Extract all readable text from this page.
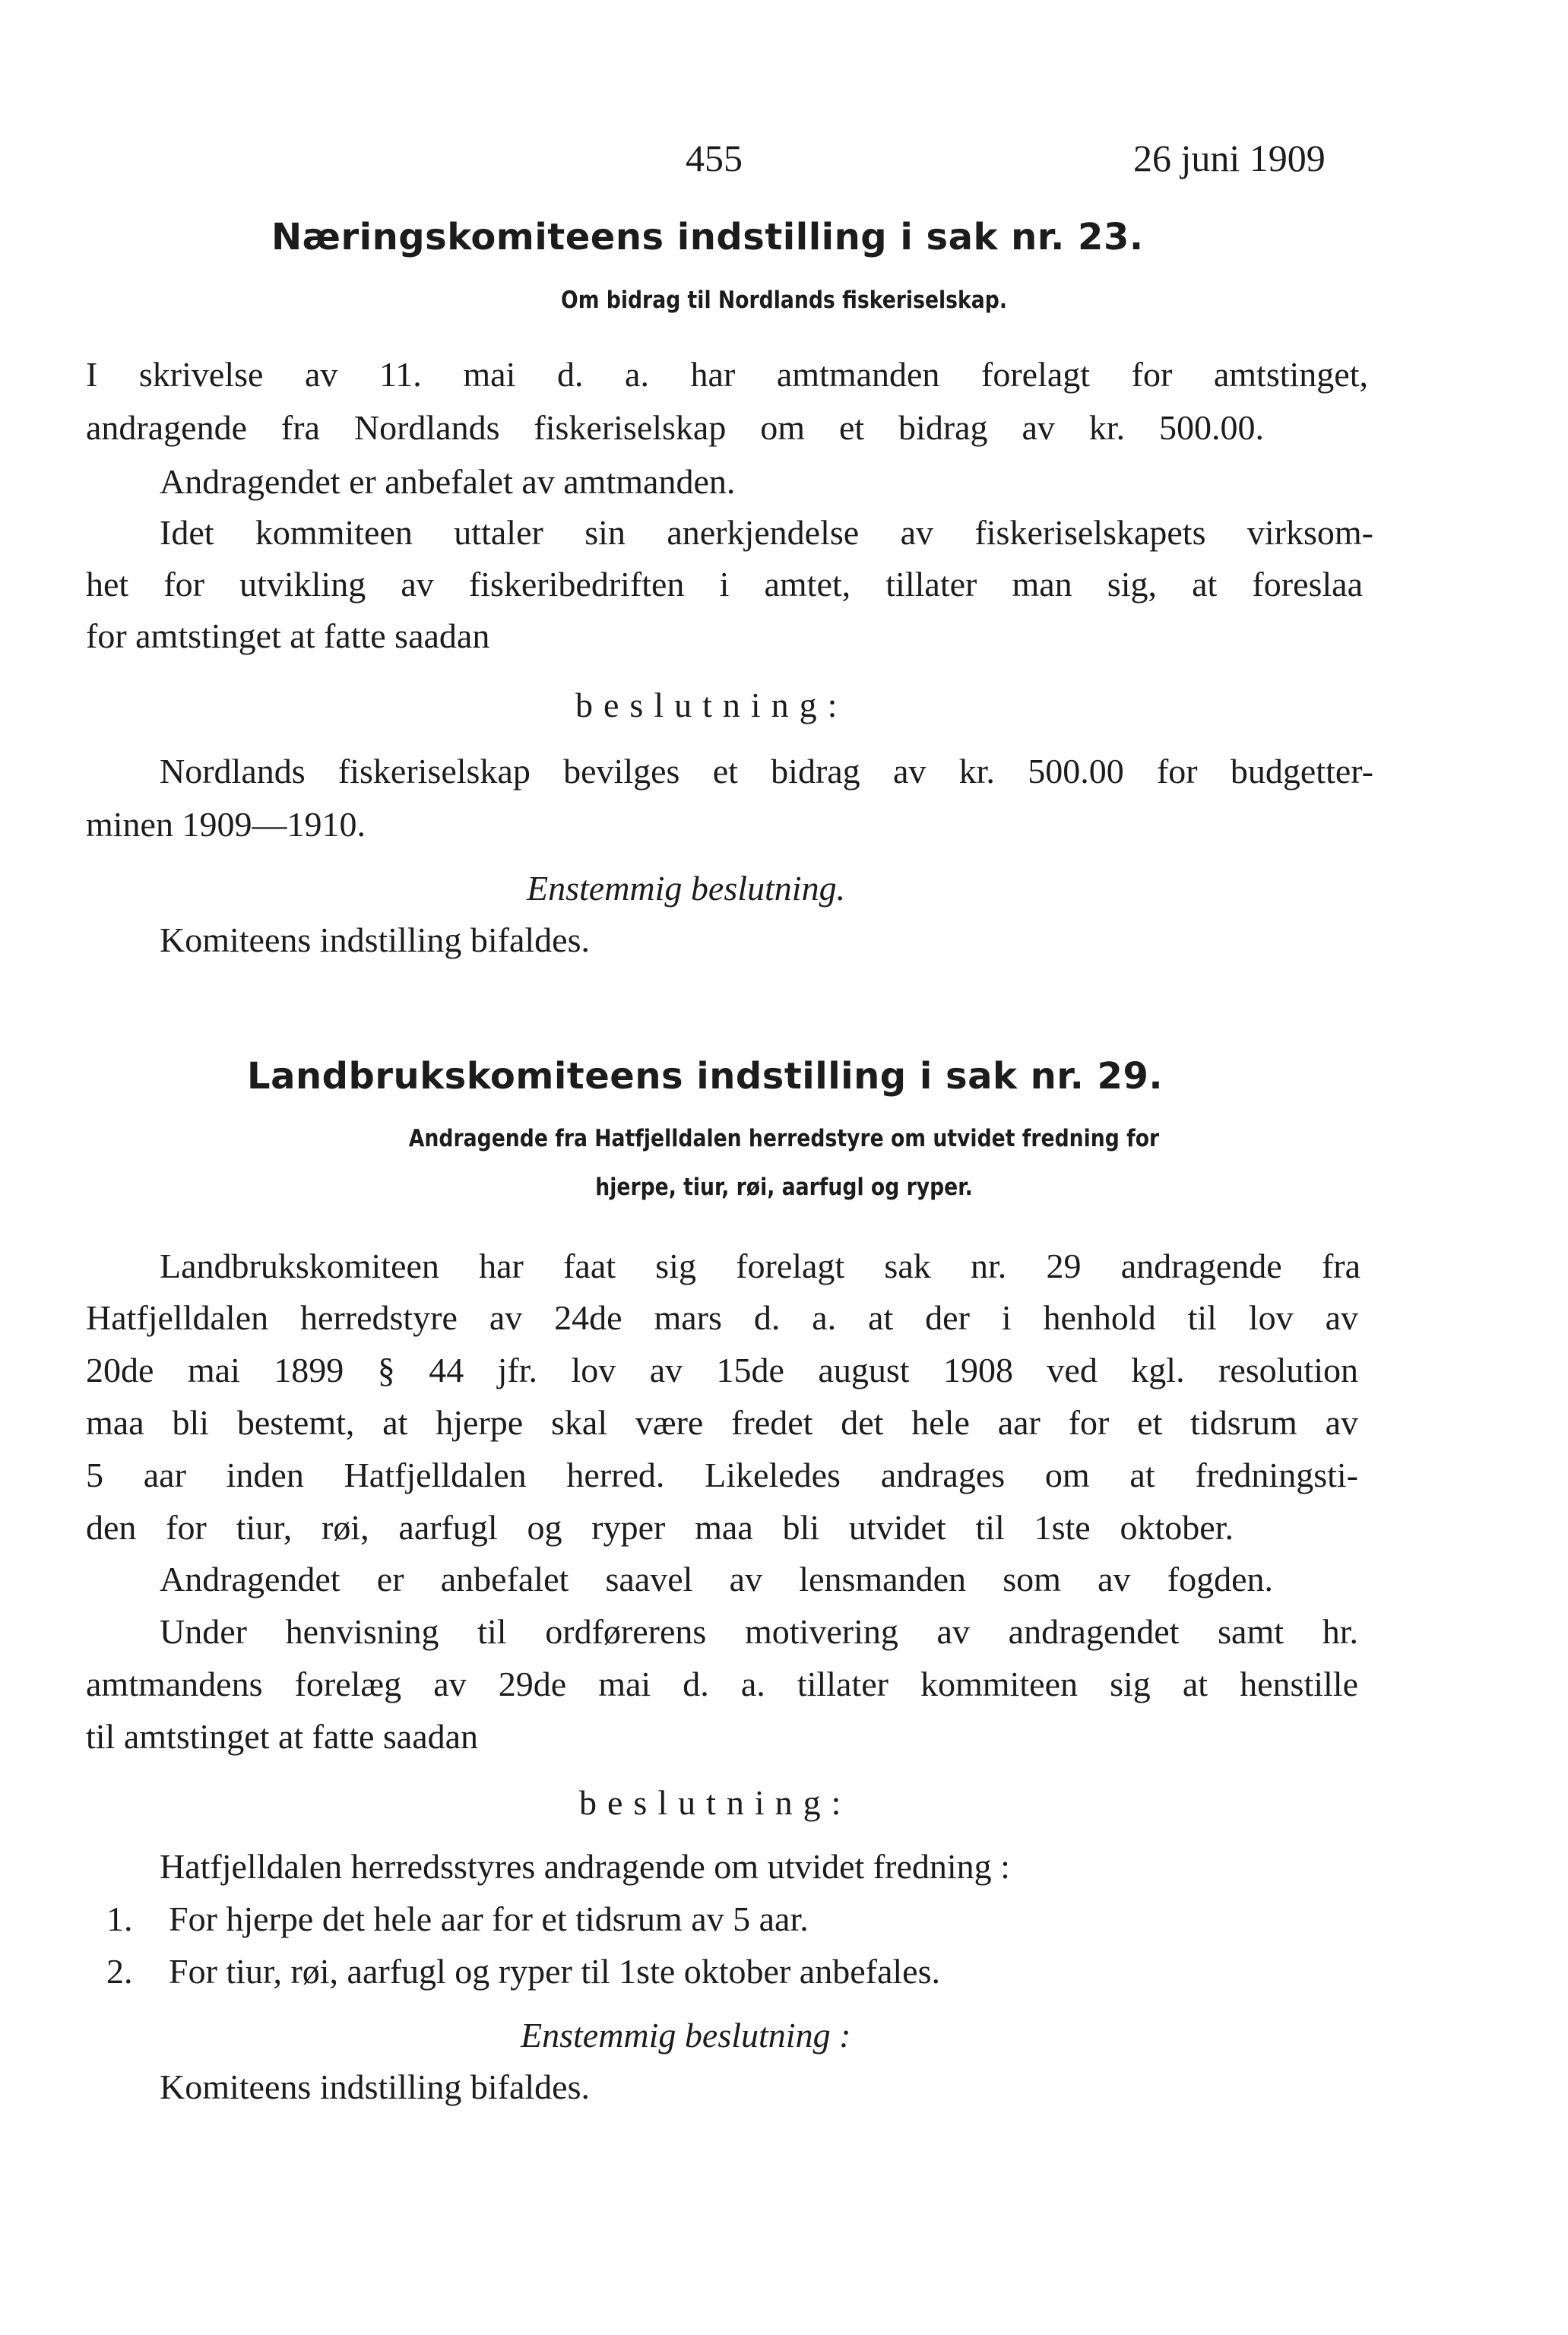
455	26 juni 1909
Næringskomiteens indstilling i sak nr. 23.
Om bidrag til Nordlands fiskeriselskap.
I skrivelse av 11. mai d. a. har amtmanden forelagt for amtstinget,
andragende fra Nordlands fiskeriselskap om et bidrag av kr. 500.00.
Andragendet er anbefalet av amtmanden.
Idet kommiteen uttaler sin anerkjendelse av fiskeriselskapets virksom-
het for utvikling av fiskeribedriften i amtet, tillater man sig, at foreslaa
for amtstinget at fatte saadan
beslutning:
Nordlands fiskeriselskap bevilges et bidrag av kr. 500.00 for budgetter-
minen 1909—1910.
Enstemmig beslutning.
Komiteens indstilling bifaldes.
Landbrukskomiteens indstilling i sak nr. 29.
Andragende fra Hatfjelldalen herredstyre om utvidet fredning for
hjerpe, tiur, røi, aarfugl og ryper.
Landbrukskomiteen har faat sig forelagt sak nr. 29 andragende fra
Hatfjelldalen herredstyre av 24de mars d. a. at der i henhold til lov av
20de mai 1899 § 44 jfr. lov av 15de august 1908 ved kgl. resolution
maa bli bestemt, at hjerpe skal være fredet det hele aar for et tidsrum av
5 aar inden Hatfjelldalen herred. Likeledes andrages om at fredningsti-
den for tiur, røi, aarfugl og ryper maa bli utvidet til 1ste oktober.
Andragendet er anbefalet saavel av lensmanden som av fogden.
Under henvisning til ordførerens motivering av andragendet samt hr.
amtmandens forelæg av 29de mai d. a. tillater kommiteen sig at henstille
til amtstinget at fatte saadan
beslutning:
Hatfjelldalen herredsstyres andragende om utvidet fredning :
1. For hjerpe det hele aar for et tidsrum av 5 aar.
2. For tiur, røi, aarfugl og ryper til 1ste oktober anbefales.
Enstemmig beslutning :
Komiteens indstilling bifaldes.
